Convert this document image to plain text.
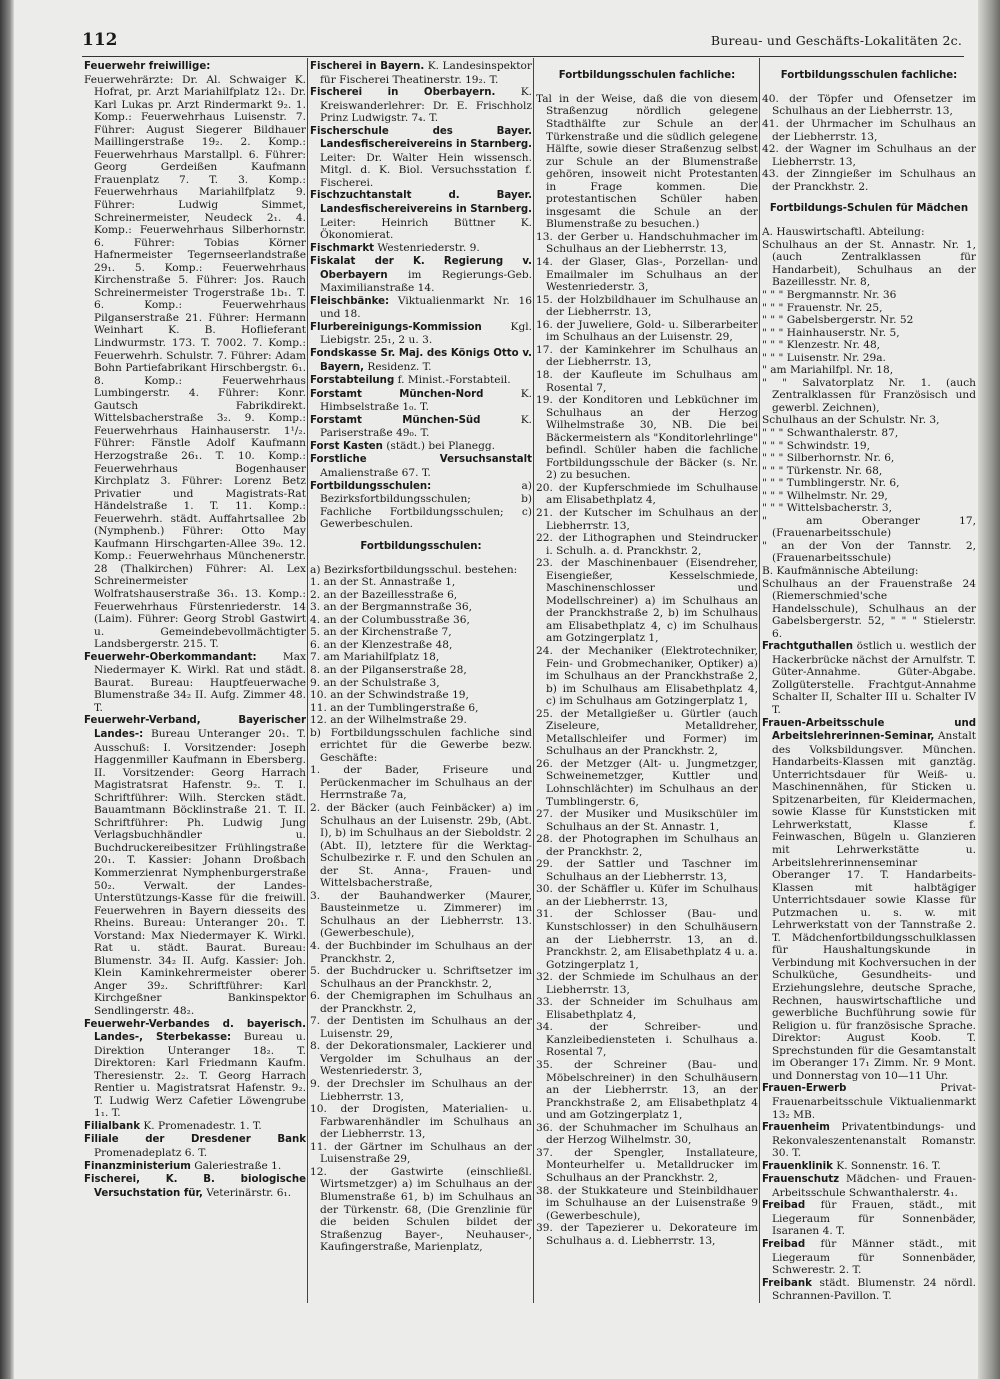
112	Bureau- und Geschäfts-Lokalitäten 2c.

Feuerwehr freiwillige:

Feuerwehrärzte: Dr. Al. Schwaiger K. Hofrat, pr. Arzt Mariahilfplatz 12₁. Dr. Karl Lukas pr. Arzt Rindermarkt 9₂. 1. Komp.: Feuerwehrhaus Luisenstr. 7. Führer: August Siegerer Bildhauer Maillingerstraße 19₂. 2. Komp.: Feuerwehrhaus Marstallpl. 6. Führer: Georg Gerdeißen Kaufmann Frauenplatz 7. T. 3. Komp.: Feuerwehrhaus Mariahilfplatz 9. Führer: Ludwig Simmet, Schreinermeister, Neudeck 2₁. 4. Komp.: Feuerwehrhaus Silberhornstr. 6. Führer: Tobias Körner Hafnermeister Tegernseerlandstraße 29₁. 5. Komp.: Feuerwehrhaus Kirchenstraße 5. Führer: Jos. Rauch Schreinermeister Trogerstraße 1b₁. T. 6. Komp.: Feuerwehrhaus Pilganserstraße 21. Führer: Hermann Weinhart K. B. Hoflieferant Lindwurmstr. 173. T. 7002. 7. Komp.: Feuerwehrh. Schulstr. 7. Führer: Adam Bohn Partiefabrikant Hirschbergstr. 6₁. 8. Komp.: Feuerwehrhaus Lumbingerstr. 4. Führer: Konr. Gautsch Fabrikdirekt. Wittelsbacherstraße 3₂. 9. Komp.: Feuerwehrhaus Hainhauserstr. 1¹/₂. Führer: Fänstle Adolf Kaufmann Herzogstraße 26₁. T. 10. Komp.: Feuerwehrhaus Bogenhauser Kirchplatz 3. Führer: Lorenz Betz Privatier und Magistrats-Rat Händelstraße 1. T. 11. Komp.: Feuerwehrh. städt. Auffahrtsallee 2b (Nymphenb.) Führer: Otto May Kaufmann Hirschgarten-Allee 39₀. 12. Komp.: Feuerwehrhaus Münchenerstr. 28 (Thalkirchen) Führer: Al. Lex Schreinermeister Wolfratshauserstraße 36₁. 13. Komp.: Feuerwehrhaus Fürstenriederstr. 14 (Laim). Führer: Georg Strobl Gastwirt u. Gemeindebevollmächtigter Landsbergerstr. 215. T.

Feuerwehr-Oberkommandant: Max Niedermayer K. Wirkl. Rat und städt. Baurat. Bureau: Hauptfeuerwache Blumenstraße 34₂ II. Aufg. Zimmer 48. T.

Feuerwehr-Verband, Bayerischer Landes-: Bureau Unteranger 20₁. T. Ausschuß: I. Vorsitzender: Joseph Haggenmiller Kaufmann in Ebersberg. II. Vorsitzender: Georg Harrach Magistratsrat Hafenstr. 9₂. T. I. Schriftführer: Wilh. Stercken städt. Bauamtmann Böcklinstraße 21. T. II. Schriftführer: Ph. Ludwig Jung Verlagsbuchhändler u. Buchdruckereibesitzer Frühlingstraße 20₁. T. Kassier: Johann Droßbach Kommerzienrat Nymphenburgerstraße 50₂. Verwalt. der Landes-Unterstützungs-Kasse für die freiwill. Feuerwehren in Bayern diesseits des Rheins. Bureau: Unteranger 20₁. T. Vorstand: Max Niedermayer K. Wirkl. Rat u. städt. Baurat. Bureau: Blumenstr. 34₂ II. Aufg. Kassier: Joh. Klein Kaminkehrermeister oberer Anger 39₂. Schriftführer: Karl Kirchgeßner Bankinspektor Sendlingerstr. 48₂.

Feuerwehr-Verbandes d. bayerisch. Landes-, Sterbekasse: Bureau u. Direktion Unteranger 18₂. T. Direktoren: Karl Friedmann Kaufm. Theresienstr. 2₂. T. Georg Harrach Rentier u. Magistratsrat Hafenstr. 9₂. T. Ludwig Werz Cafetier Löwengrube 1₁. T.

Filialbank K. Promenadestr. 1. T.

Filiale der Dresdener Bank Promenadeplatz 6. T.

Finanzministerium Galeriestraße 1.

Fischerei, K. B. biologische Versuchstation für, Veterinärstr. 6₁.

Fischerei in Bayern. K. Landesinspektor für Fischerei Theatinerstr. 19₂. T.

Fischerei in Oberbayern. K. Kreiswanderlehrer: Dr. E. Frischholz Prinz Ludwigstr. 7₄. T.

Fischerschule des Bayer. Landesfischereivereins in Starnberg. Leiter: Dr. Walter Hein wissensch. Mitgl. d. K. Biol. Versuchsstation f. Fischerei.

Fischzuchtanstalt d. Bayer. Landesfischereivereins in Starnberg. Leiter: Heinrich Büttner K. Ökonomierat.

Fischmarkt Westenriederstr. 9.

Fiskalat der K. Regierung v. Oberbayern im Regierungs-Geb. Maximilianstraße 14.

Fleischbänke: Viktualienmarkt Nr. 16 und 18.

Flurbereinigungs-Kommission Kgl. Liebigstr. 25₁, 2 u. 3.

Fondskasse Sr. Maj. des Königs Otto v. Bayern, Residenz. T.

Forstabteilung f. Minist.-Forstabteil.

Forstamt München-Nord K. Himbselstraße 1₀. T.

Forstamt München-Süd K. Pariserstraße 49₀. T.

Forst Kasten (städt.) bei Planegg.

Forstliche Versuchsanstalt Amalienstraße 67. T.

Fortbildungsschulen: a) Bezirksfortbildungsschulen; b) Fachliche Fortbildungsschulen; c) Gewerbeschulen.

Fortbildungsschulen:

a) Bezirksfortbildungsschul. bestehen:

1. an der St. Annastraße 1,

2. an der Bazeillesstraße 6,

3. an der Bergmannstraße 36,

4. an der Columbusstraße 36,

5. an der Kirchenstraße 7,

6. an der Klenzestraße 48,

7. am Mariahilfplatz 18,

8. an der Pilganserstraße 28,

9. an der Schulstraße 3,

10. an der Schwindstraße 19,

11. an der Tumblingerstraße 6,

12. an der Wilhelmstraße 29.

b) Fortbildungsschulen fachliche sind errichtet für die Gewerbe bezw. Geschäfte:

1. der Bader, Friseure und Perückenmacher im Schulhaus an der Herrnstraße 7a,

2. der Bäcker (auch Feinbäcker) a) im Schulhaus an der Luisenstr. 29b, (Abt. I), b) im Schulhaus an der Sieboldstr. 2 (Abt. II), letztere für die Werktag-Schulbezirke r. F. und den Schulen an der St. Anna-, Frauen- und Wittelsbacherstraße,

3. der Bauhandwerker (Maurer, Bausteinmetze u. Zimmerer) im Schulhaus an der Liebherrstr. 13. (Gewerbeschule),

4. der Buchbinder im Schulhaus an der Pranckhstr. 2,

5. der Buchdrucker u. Schriftsetzer im Schulhaus an der Pranckhstr. 2,

6. der Chemigraphen im Schulhaus an der Pranckhstr. 2,

7. der Dentisten im Schulhaus an der Luisenstr. 29,

8. der Dekorationsmaler, Lackierer und Vergolder im Schulhaus an der Westenriederstr. 3,

9. der Drechsler im Schulhaus an der Liebherrstr. 13,

10. der Drogisten, Materialien- u. Farbwarenhändler im Schulhaus an der Liebherrstr. 13,

11. der Gärtner im Schulhaus an der Luisenstraße 29,

12. der Gastwirte (einschließl. Wirtsmetzger) a) im Schulhaus an der Blumenstraße 61, b) im Schulhaus an der Türkenstr. 68, (Die Grenzlinie für die beiden Schulen bildet der Straßenzug Bayer-, Neuhauser-, Kaufingerstraße, Marienplatz,

Fortbildungsschulen fachliche:

Tal in der Weise, daß die von diesem Straßenzug nördlich gelegene Stadthälfte zur Schule an der Türkenstraße und die südlich gelegene Hälfte, sowie dieser Straßenzug selbst zur Schule an der Blumenstraße gehören, insoweit nicht Protestanten in Frage kommen. Die protestantischen Schüler haben insgesamt die Schule an der Blumenstraße zu besuchen.)

13. der Gerber u. Handschuhmacher im Schulhaus an der Liebherrstr. 13,

14. der Glaser, Glas-, Porzellan- und Emailmaler im Schulhaus an der Westenriederstr. 3,

15. der Holzbildhauer im Schulhause an der Liebherrstr. 13,

16. der Juweliere, Gold- u. Silberarbeiter im Schulhaus an der Luisenstr. 29,

17. der Kaminkehrer im Schulhaus an der Liebherrstr. 13,

18. der Kaufleute im Schulhaus am Rosental 7,

19. der Konditoren und Lebküchner im Schulhaus an der Herzog Wilhelmstraße 30, NB. Die bei Bäckermeistern als "Konditorlehrlinge" befindl. Schüler haben die fachliche Fortbildungsschule der Bäcker (s. Nr. 2) zu besuchen.

20. der Kupferschmiede im Schulhause am Elisabethplatz 4,

21. der Kutscher im Schulhaus an der Liebherrstr. 13,

22. der Lithographen und Steindrucker i. Schulh. a. d. Pranckhstr. 2,

23. der Maschinenbauer (Eisendreher, Eisengießer, Kesselschmiede, Maschinenschlosser und Modellschreiner) a) im Schulhaus an der Pranckhstraße 2, b) im Schulhaus am Elisabethplatz 4, c) im Schulhaus am Gotzingerplatz 1,

24. der Mechaniker (Elektrotechniker, Fein- und Grobmechaniker, Optiker) a) im Schulhaus an der Pranckhstraße 2, b) im Schulhaus am Elisabethplatz 4, c) im Schulhaus am Gotzingerplatz 1,

25. der Metallgießer u. Gürtler (auch Ziseleure, Metalldreher, Metallschleifer und Former) im Schulhaus an der Pranckhstr. 2,

26. der Metzger (Alt- u. Jungmetzger, Schweinemetzger, Kuttler und Lohnschlächter) im Schulhaus an der Tumblingerstr. 6,

27. der Musiker und Musikschüler im Schulhaus an der St. Annastr. 1,

28. der Photographen im Schulhaus an der Pranckhstr. 2,

29. der Sattler und Taschner im Schulhaus an der Liebherrstr. 13,

30. der Schäffler u. Küfer im Schulhaus an der Liebherrstr. 13,

31. der Schlosser (Bau- und Kunstschlosser) in den Schulhäusern an der Liebherrstr. 13, an d. Pranckhstr. 2, am Elisabethplatz 4 u. a. Gotzingerplatz 1,

32. der Schmiede im Schulhaus an der Liebherrstr. 13,

33. der Schneider im Schulhaus am Elisabethplatz 4,

34. der Schreiber- und Kanzleibediensteten i. Schulhaus a. Rosental 7,

35. der Schreiner (Bau- und Möbelschreiner) in den Schulhäusern an der Liebherrstr. 13, an der Pranckhstraße 2, am Elisabethplatz 4 und am Gotzingerplatz 1,

36. der Schuhmacher im Schulhaus an der Herzog Wilhelmstr. 30,

37. der Spengler, Installateure, Monteurhelfer u. Metalldrucker im Schulhaus an der Pranckhstr. 2,

38. der Stukkateure und Steinbildhauer im Schulhause an der Luisenstraße 9 (Gewerbeschule),

39. der Tapezierer u. Dekorateure im Schulhaus a. d. Liebherrstr. 13,

Fortbildungsschulen fachliche:

40. der Töpfer und Ofensetzer im Schulhaus an der Liebherrstr. 13,

41. der Uhrmacher im Schulhaus an der Liebherrstr. 13,

42. der Wagner im Schulhaus an der Liebherrstr. 13,

43. der Zinngießer im Schulhaus an der Pranckhstr. 2.

Fortbildungs-Schulen für Mädchen

A. Hauswirtschaftl. Abteilung:

Schulhaus an der St. Annastr. Nr. 1, (auch Zentralklassen für Handarbeit), Schulhaus an der Bazeillesstr. Nr. 8,

" " " Bergmannstr. Nr. 36

" " " Frauenstr. Nr. 25,

" " " Gabelsbergerstr. Nr. 52

" " " Hainhauserstr. Nr. 5,

" " " Klenzestr. Nr. 48,

" " " Luisenstr. Nr. 29a.

" am Mariahilfpl. Nr. 18,

" " Salvatorplatz Nr. 1. (auch Zentralklassen für Französisch und gewerbl. Zeichnen),

Schulhaus an der Schulstr. Nr. 3,

" " " Schwanthalerstr. 87,

" " " Schwindstr. 19,

" " " Silberhornstr. Nr. 6,

" " " Türkenstr. Nr. 68,

" " " Tumblingerstr. Nr. 6,

" " " Wilhelmstr. Nr. 29,

" " " Wittelsbacherstr. 3,

" am Oberanger 17, (Frauenarbeitsschule)

" an der Von der Tannstr. 2, (Frauenarbeitsschule)

B. Kaufmännische Abteilung:

Schulhaus an der Frauenstraße 24 (Riemerschmied'sche Handelsschule), Schulhaus an der Gabelsbergerstr. 52, " " " Stielerstr. 6.

Frachtguthallen östlich u. westlich der Hackerbrücke nächst der Arnulfstr. T. Güter-Annahme. Güter-Abgabe. Zollgüterstelle. Frachtgut-Annahme Schalter II, Schalter III u. Schalter IV T.

Frauen-Arbeitsschule und Arbeitslehrerinnen-Seminar, Anstalt des Volksbildungsver. München. Handarbeits-Klassen mit ganztäg. Unterrichtsdauer für Weiß- u. Maschinennähen, für Sticken u. Spitzenarbeiten, für Kleidermachen, sowie Klasse für Kunststicken mit Lehrwerkstatt, Klasse f. Feinwaschen, Bügeln u. Glanzieren mit Lehrwerkstätte u. Arbeitslehrerinnenseminar Oberanger 17. T. Handarbeits-Klassen mit halbtägiger Unterrichtsdauer sowie Klasse für Putzmachen u. s. w. mit Lehrwerkstatt von der Tannstraße 2. T. Mädchenfortbildungsschulklassen für Haushaltungskunde in Verbindung mit Kochversuchen in der Schulküche, Gesundheits- und Erziehungslehre, deutsche Sprache, Rechnen, hauswirtschaftliche und gewerbliche Buchführung sowie für Religion u. für französische Sprache. Direktor: August Koob. T. Sprechstunden für die Gesamtanstalt im Oberanger 17₁ Zimm. Nr. 9 Mont. und Donnerstag von 10—11 Uhr.

Frauen-Erwerb Privat-Frauenarbeitsschule Viktualienmarkt 13₂ MB.

Frauenheim Privatentbindungs- und Rekonvaleszentenanstalt Romanstr. 30. T.

Frauenklinik K. Sonnenstr. 16. T.

Frauenschutz Mädchen- und Frauen-Arbeitsschule Schwanthalerstr. 4₁.

Freibad für Frauen, städt., mit Liegeraum für Sonnenbäder, Isaranen 4. T.

Freibad für Männer städt., mit Liegeraum für Sonnenbäder, Schwerestr. 2. T.

Freibank städt. Blumenstr. 24 nördl. Schrannen-Pavillon. T.
